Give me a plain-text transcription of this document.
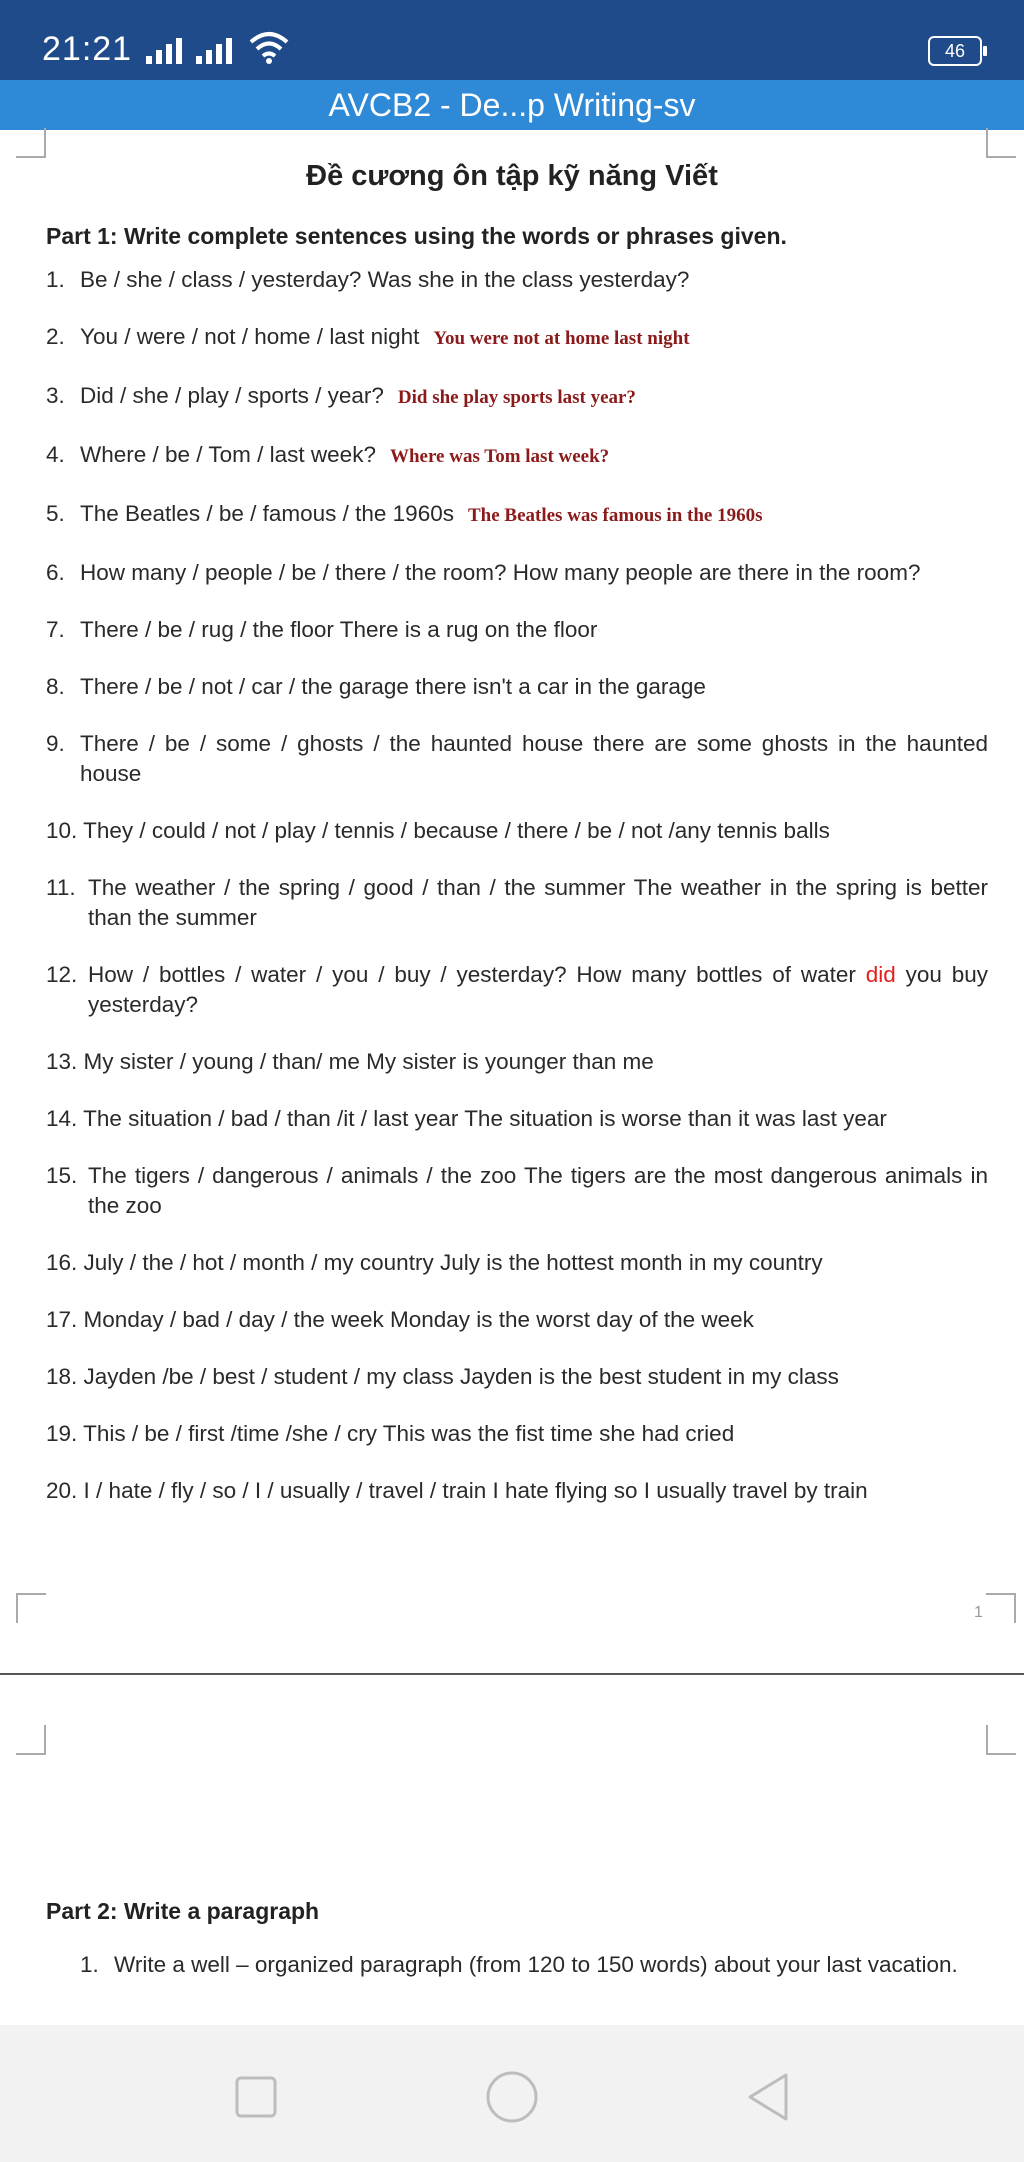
21:21	46
AVCB2 - De...p Writing-sv
Đề cương ôn tập kỹ năng Viết
Part 1: Write complete sentences using the words or phrases given.
1. Be / she / class / yesterday? Was she in the class yesterday?
2. You / were / not / home / last night You were not at home last night
3. Did / she / play / sports / year? Did she play sports last year?
4. Where / be / Tom / last week? Where was Tom last week?
5. The Beatles / be / famous / the 1960s The Beatles was famous in the 1960s
6. How many / people / be / there / the room? How many people are there in the room?
7. There / be / rug / the floor There is a rug on the floor
8. There / be / not / car / the garage there isn't a car in the garage
9. There / be / some / ghosts / the haunted house there are some ghosts in the haunted house
10. They / could / not / play / tennis / because / there / be / not /any tennis balls
11. The weather / the spring / good / than / the summer The weather in the spring is better than the summer
12. How / bottles / water / you / buy / yesterday? How many bottles of water did you buy yesterday?
13. My sister / young / than/ me My sister is younger than me
14. The situation / bad / than /it / last year The situation is worse than it was last year
15. The tigers / dangerous / animals / the zoo The tigers are the most dangerous animals in the zoo
16. July / the / hot / month / my country July is the hottest month in my country
17. Monday / bad / day / the week Monday is the worst day of the week
18. Jayden /be / best / student / my class Jayden is the best student in my class
19. This / be / first /time /she / cry This was the fist time she had cried
20. I / hate / fly / so / I / usually / travel / train I hate flying so I usually travel by train
1
Part 2: Write a paragraph
1. Write a well – organized paragraph (from 120 to 150 words) about your last vacation.
